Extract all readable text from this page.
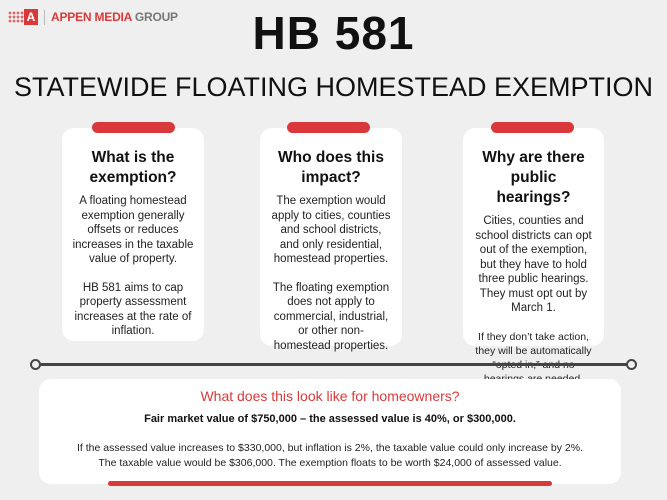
A APPEN MEDIA GROUP	HB 581
STATEWIDE FLOATING HOMESTEAD EXEMPTION
What is the exemption?

A floating homestead exemption generally offsets or reduces increases in the taxable value of property.

HB 581 aims to cap property assessment increases at the rate of inflation.

Who does this impact?

The exemption would apply to cities, counties and school districts, and only residential, homestead properties.

The floating exemption does not apply to commercial, industrial, or other non-homestead properties.

Why are there public hearings?

Cities, counties and school districts can opt out of the exemption, but they have to hold three public hearings. They must opt out by March 1.

If they don’t take action, they will be automatically

What does this look like for homeowners?
Fair market value of $750,000 – the assessed value is 40%, or $300,000.
If the assessed value increases to $330,000, but inflation is 2%, the taxable value could only increase by 2%.
The taxable value would be $306,000. The exemption floats to be worth $24,000 of assessed value.
